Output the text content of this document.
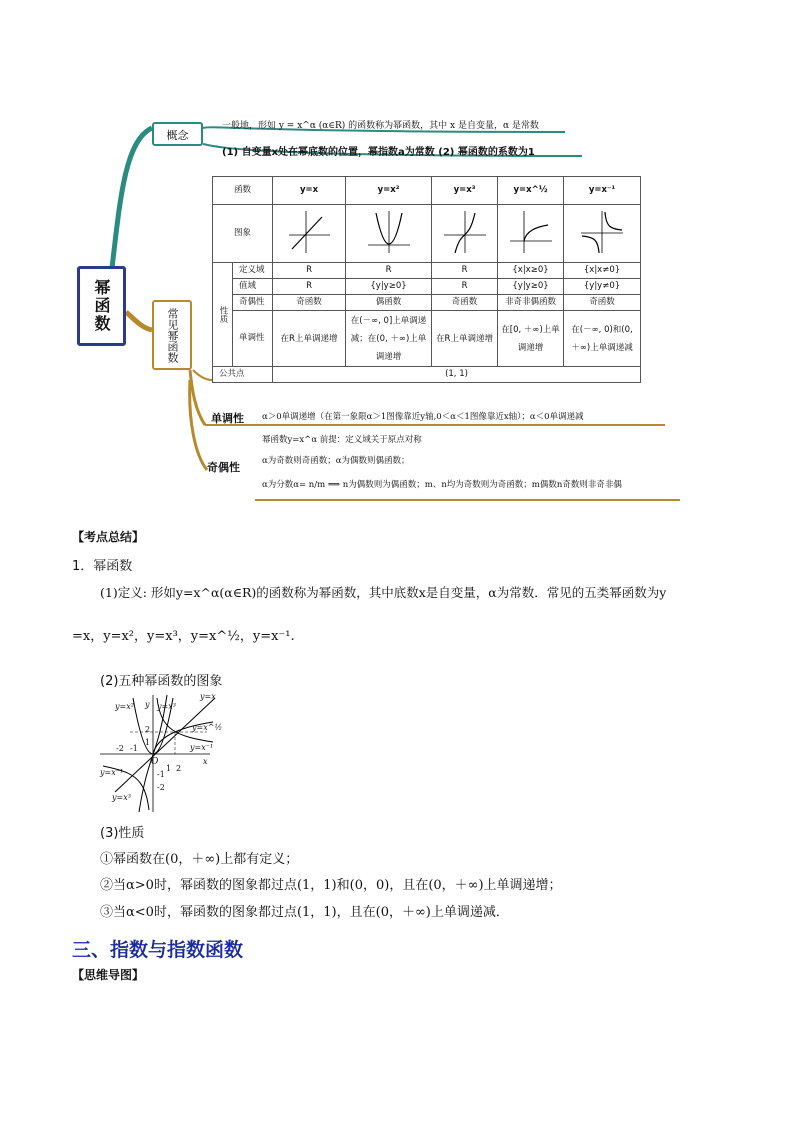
幂函数
概念
一般地，形如 y = x^α (α∈R) 的函数称为幂函数，其中 x 是自变量，α 是常数
(1) 自变量x处在幂底数的位置，幂指数a为常数 (2) 幂函数的系数为1
常见幂函数
单调性 α＞0单调递增（在第一象限α＞1图像靠近y轴,0＜α＜1图像靠近x轴）；α＜0单调递减
奇偶性
幂函数y=x^α 前提：定义域关于原点对称
α为奇数则奇函数；α为偶数则偶函数；
α为分数α= n/m ⟹ n为偶数则为偶函数；m、n均为奇数则为奇函数；m偶数n奇数则非奇非偶
函数		y=x	y=x²	y=x³	y=x^½	y=x⁻¹
图象					
性质	定义域	R	R	R	{x|x≥0}	{x|x≠0}
	值域	R	{y|y≥0}	R	{y|y≥0}	{y|y≠0}
	奇偶性	奇函数	偶函数	奇函数	非奇非偶函数	奇函数
	单调性	在R上单调递增	在(－∞, 0]上单调递减；在(0, ＋∞)上单调递增	在R上单调递增	在[0, ＋∞)上单调递增	在(－∞, 0)和(0, ＋∞)上单调递减
公共点		(1, 1)				
【考点总结】
1．幂函数
(1)定义: 形如y=x^α(α∈R)的函数称为幂函数，其中底数x是自变量，α为常数．常见的五类幂函数为y
=x，y=x²，y=x³，y=x^½，y=x⁻¹.
(2)五种幂函数的图象
y=x
y=x² y y=x³
y=x^½
y=x⁻¹
y=x⁻¹
y=x³
O	x
1
2
-1
-2
1 2
-1
-2
(3)性质
①幂函数在(0，＋∞)上都有定义；
②当α>0时，幂函数的图象都过点(1，1)和(0，0)，且在(0，＋∞)上单调递增；
③当α<0时，幂函数的图象都过点(1，1)，且在(0，＋∞)上单调递减．
三、指数与指数函数
【思维导图】
